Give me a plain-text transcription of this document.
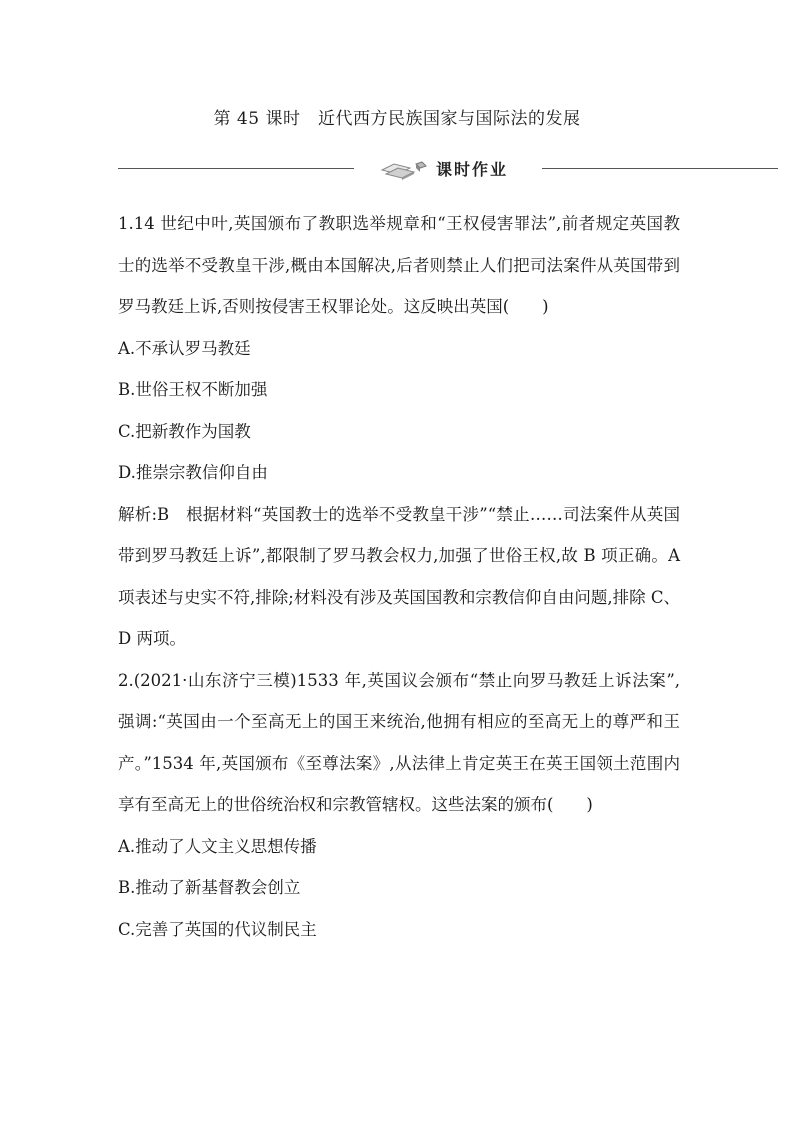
第 45 课时　近代西方民族国家与国际法的发展
课时作业

1.14 世纪中叶,英国颁布了教职选举规章和“王权侵害罪法”,前者规定英国教士的选举不受教皇干涉,概由本国解决,后者则禁止人们把司法案件从英国带到罗马教廷上诉,否则按侵害王权罪论处。这反映出英国(　　)

A.不承认罗马教廷

B.世俗王权不断加强

C.把新教作为国教

D.推崇宗教信仰自由

解析:B　根据材料“英国教士的选举不受教皇干涉”“禁止……司法案件从英国带到罗马教廷上诉”,都限制了罗马教会权力,加强了世俗王权,故 B 项正确。A 项表述与史实不符,排除;材料没有涉及英国国教和宗教信仰自由问题,排除 C、D 两项。

2.(2021·山东济宁三模)1533 年,英国议会颁布“禁止向罗马教廷上诉法案”,强调:“英国由一个至高无上的国王来统治,他拥有相应的至高无上的尊严和王产。”1534 年,英国颁布《至尊法案》,从法律上肯定英王在英王国领土范围内享有至高无上的世俗统治权和宗教管辖权。这些法案的颁布(　　)

A.推动了人文主义思想传播

B.推动了新基督教会创立

C.完善了英国的代议制民主
